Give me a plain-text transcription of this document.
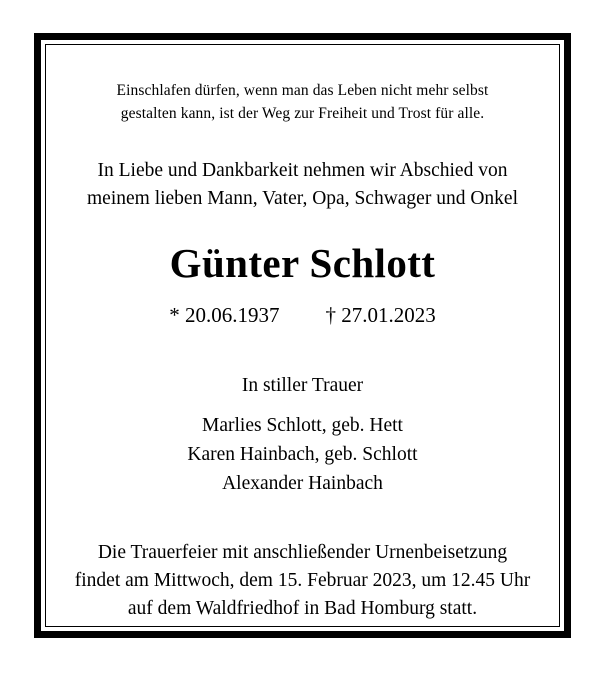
Einschlafen dürfen, wenn man das Leben nicht mehr selbst
gestalten kann, ist der Weg zur Freiheit und Trost für alle.
In Liebe und Dankbarkeit nehmen wir Abschied von
meinem lieben Mann, Vater, Opa, Schwager und Onkel
Günter Schlott
* 20.06.1937 † 27.01.2023
In stiller Trauer
Marlies Schlott, geb. Hett
Karen Hainbach, geb. Schlott
Alexander Hainbach
Die Trauerfeier mit anschließender Urnenbeisetzung
findet am Mittwoch, dem 15. Februar 2023, um 12.45 Uhr
auf dem Waldfriedhof in Bad Homburg statt.
